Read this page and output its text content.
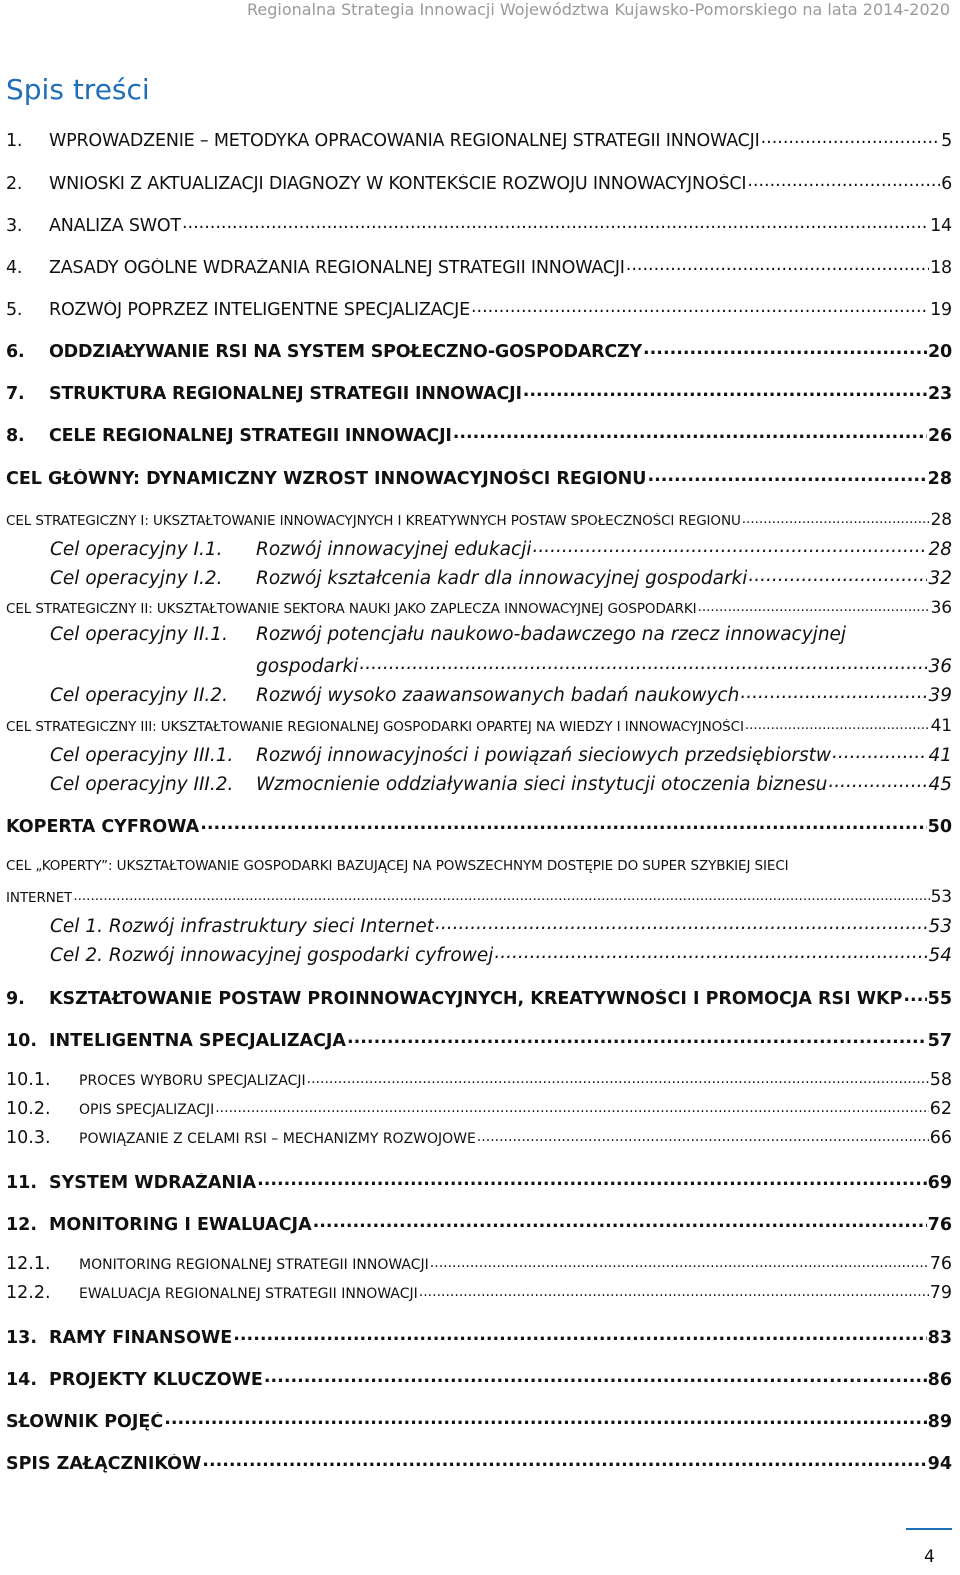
Regionalna Strategia Innowacji Województwa Kujawsko-Pomorskiego na lata 2014-2020
Spis treści
1.	WPROWADZENIE – METODYKA OPRACOWANIA REGIONALNEJ STRATEGII INNOWACJI .....	5
2.	WNIOSKI Z AKTUALIZACJI DIAGNOZY W KONTEKŚCIE ROZWOJU INNOWACYJNOŚCI .....	6
3.	ANALIZA SWOT .....	14
4.	ZASADY OGÓLNE WDRAŻANIA REGIONALNEJ STRATEGII INNOWACJI .....	18
5.	ROZWÓJ POPRZEZ INTELIGENTNE SPECJALIZACJE .....	19
6.	ODDZIAŁYWANIE RSI NA SYSTEM SPOŁECZNO-GOSPODARCZY .....	20
7.	STRUKTURA REGIONALNEJ STRATEGII INNOWACJI .....	23
8.	CELE REGIONALNEJ STRATEGII INNOWACJI .....	26
CEL GŁÓWNY: DYNAMICZNY WZROST INNOWACYJNOŚCI REGIONU .....	28
CEL STRATEGICZNY I: UKSZTAŁTOWANIE INNOWACYJNYCH I KREATYWNYCH POSTAW SPOŁECZNOŚCI REGIONU .....	28
Cel operacyjny I.1.	Rozwój innowacyjnej edukacji .....	28
Cel operacyjny I.2.	Rozwój kształcenia kadr dla innowacyjnej gospodarki .....	32
CEL STRATEGICZNY II: UKSZTAŁTOWANIE SEKTORA NAUKI JAKO ZAPLECZA INNOWACYJNEJ GOSPODARKI .....	36
Cel operacyjny II.1. Rozwój potencjału naukowo-badawczego na rzecz innowacyjnej
gospodarki .....	36
Cel operacyjny II.2.	Rozwój wysoko zaawansowanych badań naukowych .....	39
CEL STRATEGICZNY III: UKSZTAŁTOWANIE REGIONALNEJ GOSPODARKI OPARTEJ NA WIEDZY I INNOWACYJNOŚCI .....	41
Cel operacyjny III.1.	Rozwój innowacyjności i powiązań sieciowych przedsiębiorstw .....	41
Cel operacyjny III.2.	Wzmocnienie oddziaływania sieci instytucji otoczenia biznesu .....	45
KOPERTA CYFROWA .....	50
CEL „KOPERTY”: UKSZTAŁTOWANIE GOSPODARKI BAZUJĄCEJ NA POWSZECHNYM DOSTĘPIE DO SUPER SZYBKIEJ SIECI
INTERNET .....	53
Cel 1. Rozwój infrastruktury sieci Internet .....	53
Cel 2. Rozwój innowacyjnej gospodarki cyfrowej .....	54
9.	KSZTAŁTOWANIE POSTAW PROINNOWACYJNYCH, KREATYWNOŚCI I PROMOCJA RSI WKP ..... 55
10. INTELIGENTNA SPECJALIZACJA .....	57
10.1.	PROCES WYBORU SPECJALIZACJI .....	58
10.2.	OPIS SPECJALIZACJI .....	62
10.3.	POWIĄZANIE Z CELAMI RSI – MECHANIZMY ROZWOJOWE .....	66
11. SYSTEM WDRAŻANIA .....	69
12. MONITORING I EWALUACJA .....	76
12.1.	MONITORING REGIONALNEJ STRATEGII INNOWACJI .....	76
12.2.	EWALUACJA REGIONALNEJ STRATEGII INNOWACJI .....	79
13. RAMY FINANSOWE .....	83
14. PROJEKTY KLUCZOWE .....	86
SŁOWNIK POJĘĆ .....	89
SPIS ZAŁĄCZNIKÓW .....	94
4
